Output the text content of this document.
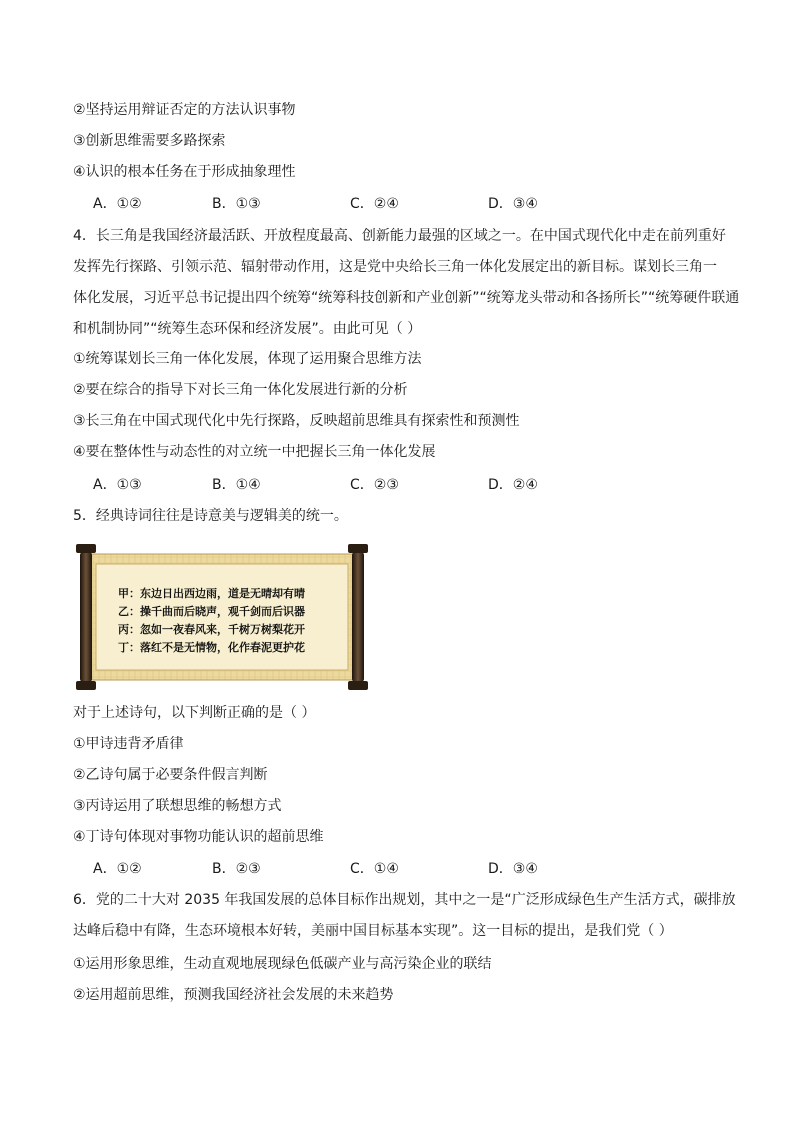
②坚持运用辩证否定的方法认识事物
③创新思维需要多路探索
④认识的根本任务在于形成抽象理性
A．①②	B．①③	C．②④	D．③④
4．长三角是我国经济最活跃、开放程度最高、创新能力最强的区域之一。在中国式现代化中走在前列重好
发挥先行探路、引领示范、辐射带动作用，这是党中央给长三角一体化发展定出的新目标。谋划长三角一
体化发展，习近平总书记提出四个统筹“统筹科技创新和产业创新”“统筹龙头带动和各扬所长”“统筹硬件联通
和机制协同”“统筹生态环保和经济发展”。由此可见（ ）
①统筹谋划长三角一体化发展，体现了运用聚合思维方法
②要在综合的指导下对长三角一体化发展进行新的分析
③长三角在中国式现代化中先行探路，反映超前思维具有探索性和预测性
④要在整体性与动态性的对立统一中把握长三角一体化发展
A．①③	B．①④	C．②③	D．②④
5．经典诗词往往是诗意美与逻辑美的统一。
甲：东边日出西边雨，道是无晴却有晴
乙：操千曲而后晓声，观千剑而后识器
丙：忽如一夜春风来，千树万树梨花开
丁：落红不是无情物，化作春泥更护花
对于上述诗句，以下判断正确的是（ ）
①甲诗违背矛盾律
②乙诗句属于必要条件假言判断
③丙诗运用了联想思维的畅想方式
④丁诗句体现对事物功能认识的超前思维
A．①②	B．②③	C．①④	D．③④
6．党的二十大对 2035 年我国发展的总体目标作出规划，其中之一是“广泛形成绿色生产生活方式，碳排放
达峰后稳中有降，生态环境根本好转，美丽中国目标基本实现”。这一目标的提出，是我们党（ ）
①运用形象思维，生动直观地展现绿色低碳产业与高污染企业的联结
②运用超前思维，预测我国经济社会发展的未来趋势
